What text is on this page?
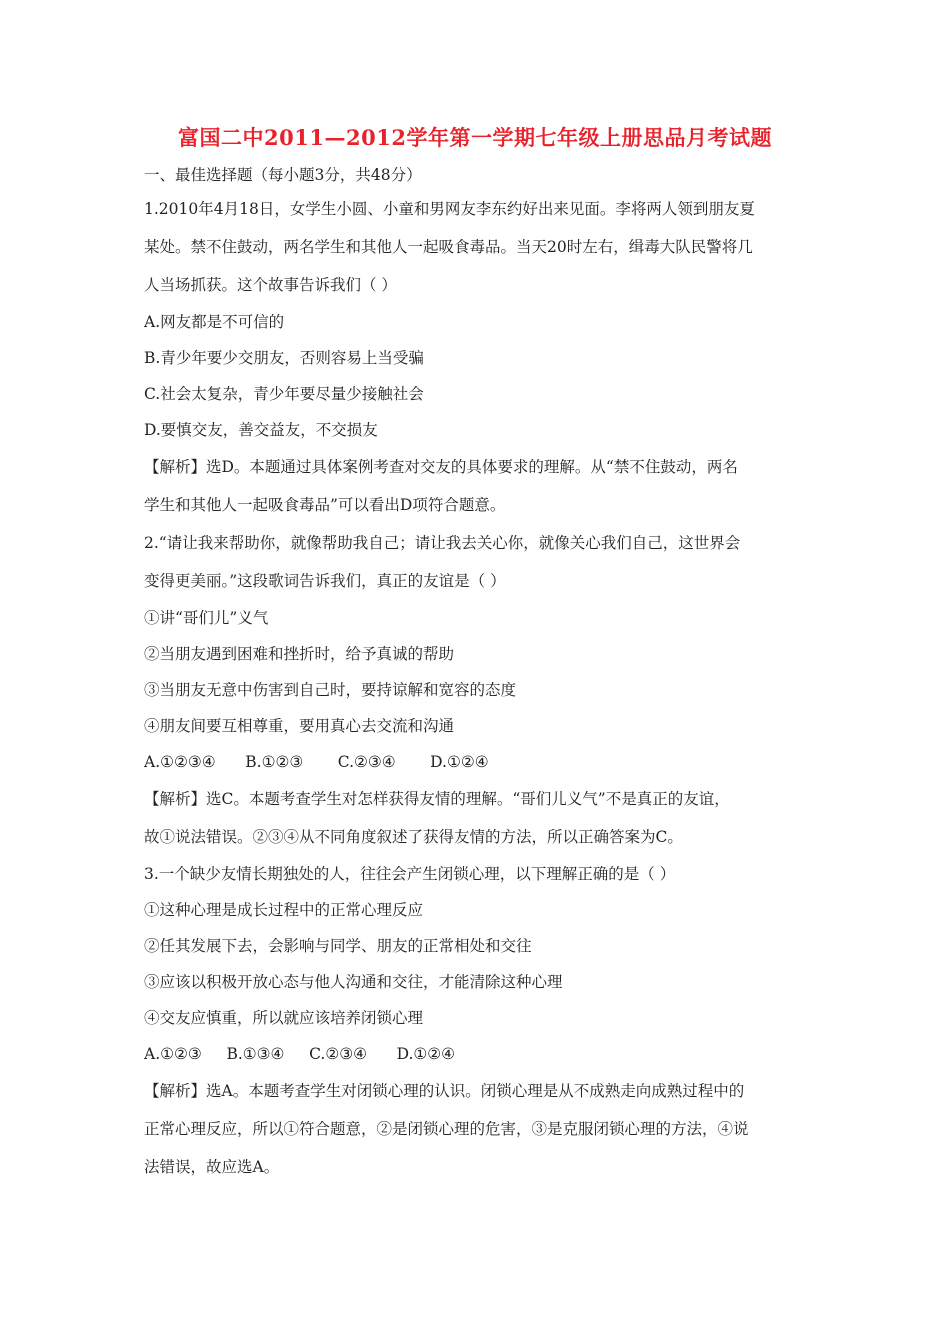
富国二中2011—2012学年第一学期七年级上册思品月考试题
一、最佳选择题（每小题3分，共48分）
1.2010年4月18日，女学生小圆、小童和男网友李东约好出来见面。李将两人领到朋友夏
某处。禁不住鼓动，两名学生和其他人一起吸食毒品。当天20时左右，缉毒大队民警将几
人当场抓获。这个故事告诉我们（ ）
A.网友都是不可信的
B.青少年要少交朋友，否则容易上当受骗
C.社会太复杂，青少年要尽量少接触社会
D.要慎交友，善交益友，不交损友
【解析】选D。本题通过具体案例考查对交友的具体要求的理解。从“禁不住鼓动，两名
学生和其他人一起吸食毒品”可以看出D项符合题意。
2.“请让我来帮助你，就像帮助我自己；请让我去关心你，就像关心我们自己，这世界会
变得更美丽。”这段歌词告诉我们，真正的友谊是（ ）
①讲“哥们儿”义气
②当朋友遇到困难和挫折时，给予真诚的帮助
③当朋友无意中伤害到自己时，要持谅解和宽容的态度
④朋友间要互相尊重，要用真心去交流和沟通
A.①②③④      B.①②③       C.②③④       D.①②④
【解析】选C。本题考查学生对怎样获得友情的理解。“哥们儿义气”不是真正的友谊，
故①说法错误。②③④从不同角度叙述了获得友情的方法，所以正确答案为C。
3.一个缺少友情长期独处的人，往往会产生闭锁心理，以下理解正确的是（ ）
①这种心理是成长过程中的正常心理反应
②任其发展下去，会影响与同学、朋友的正常相处和交往
③应该以积极开放心态与他人沟通和交往，才能清除这种心理
④交友应慎重，所以就应该培养闭锁心理
A.①②③     B.①③④     C.②③④      D.①②④
【解析】选A。本题考查学生对闭锁心理的认识。闭锁心理是从不成熟走向成熟过程中的
正常心理反应，所以①符合题意，②是闭锁心理的危害，③是克服闭锁心理的方法，④说
法错误，故应选A。
